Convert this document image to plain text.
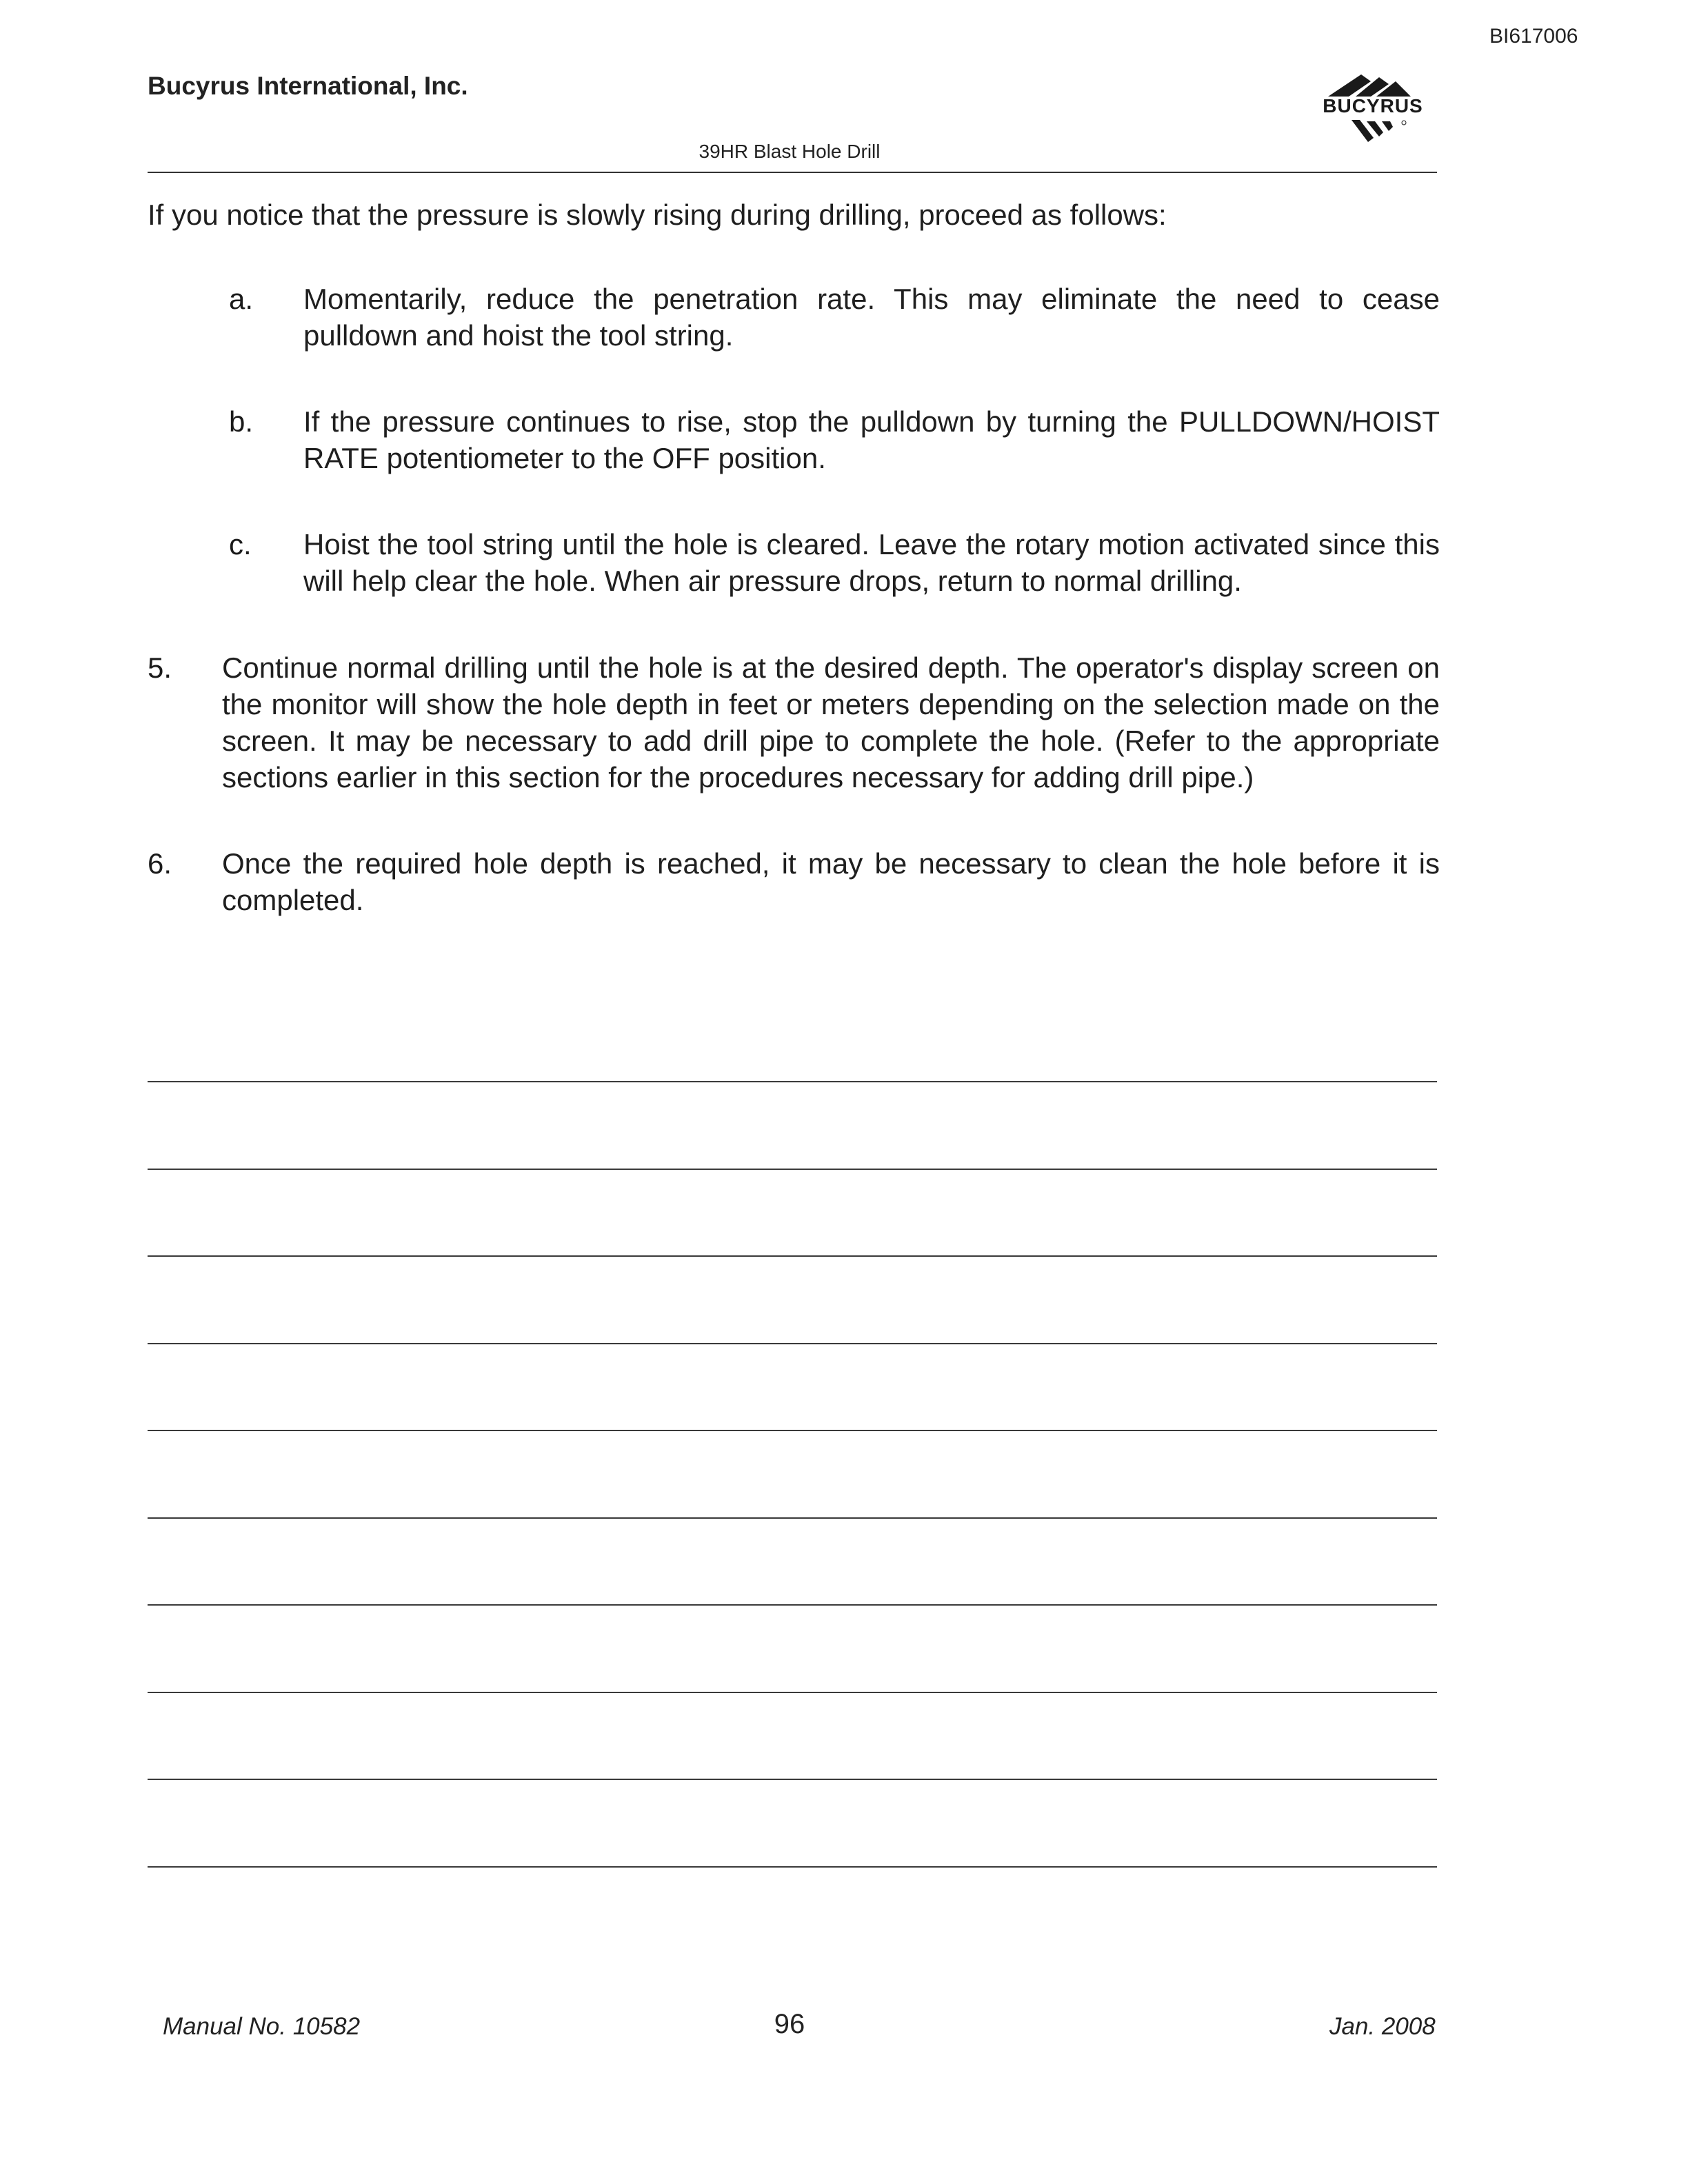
BI617006
Bucyrus International, Inc.
BUCYRUS
39HR Blast Hole Drill
If you notice that the pressure is slowly rising during drilling, proceed as follows:
a. Momentarily, reduce the penetration rate. This may eliminate the need to cease pulldown and hoist the tool string.
b. If the pressure continues to rise, stop the pulldown by turning the PULLDOWN/HOIST RATE potentiometer to the OFF position.
c. Hoist the tool string until the hole is cleared. Leave the rotary motion activated since this will help clear the hole. When air pressure drops, return to normal drilling.
5. Continue normal drilling until the hole is at the desired depth. The operator's display screen on the monitor will show the hole depth in feet or meters depending on the selection made on the screen. It may be necessary to add drill pipe to complete the hole. (Refer to the appropriate sections earlier in this section for the procedures necessary for adding drill pipe.)
6. Once the required hole depth is reached, it may be necessary to clean the hole before it is completed.
Manual No. 10582	96	Jan. 2008
